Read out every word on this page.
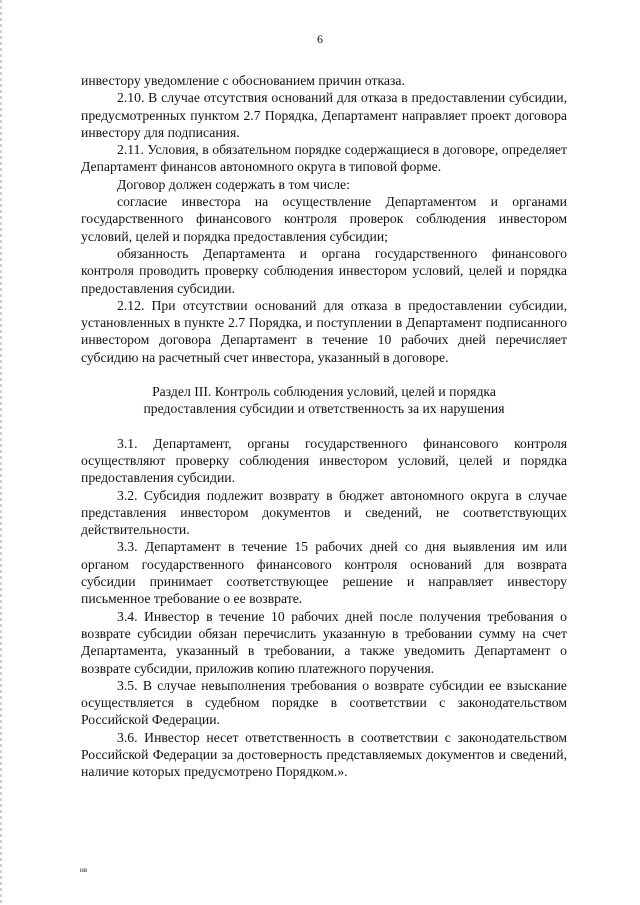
6

инвестору уведомление с обоснованием причин отказа.

2.10. В случае отсутствия оснований для отказа в предоставлении субсидии, предусмотренных пунктом 2.7 Порядка, Департамент направляет проект договора инвестору для подписания.

2.11. Условия, в обязательном порядке содержащиеся в договоре, определяет Департамент финансов автономного округа в типовой форме.

Договор должен содержать в том числе:

согласие инвестора на осуществление Департаментом и органами государственного финансового контроля проверок соблюдения инвестором условий, целей и порядка предоставления субсидии;

обязанность Департамента и органа государственного финансового контроля проводить проверку соблюдения инвестором условий, целей и порядка предоставления субсидии.

2.12. При отсутствии оснований для отказа в предоставлении субсидии, установленных в пункте 2.7 Порядка, и поступлении в Департамент подписанного инвестором договора Департамент в течение 10 рабочих дней перечисляет субсидию на расчетный счет инвестора, указанный в договоре.

Раздел III. Контроль соблюдения условий, целей и порядка
предоставления субсидии и ответственность за их нарушения

3.1. Департамент, органы государственного финансового контроля осуществляют проверку соблюдения инвестором условий, целей и порядка предоставления субсидии.

3.2. Субсидия подлежит возврату в бюджет автономного округа в случае представления инвестором документов и сведений, не соответствующих действительности.

3.3. Департамент в течение 15 рабочих дней со дня выявления им или органом государственного финансового контроля оснований для возврата субсидии принимает соответствующее решение и направляет инвестору письменное требование о ее возврате.

3.4. Инвестор в течение 10 рабочих дней после получения требования о возврате субсидии обязан перечислить указанную в требовании сумму на счет Департамента, указанный в требовании, а также уведомить Департамент о возврате субсидии, приложив копию платежного поручения.

3.5. В случае невыполнения требования о возврате субсидии ее взыскание осуществляется в судебном порядке в соответствии с законодательством Российской Федерации.

3.6. Инвестор несет ответственность в соответствии с законодательством Российской Федерации за достоверность представляемых документов и сведений, наличие которых предусмотрено Порядком.».

нв
